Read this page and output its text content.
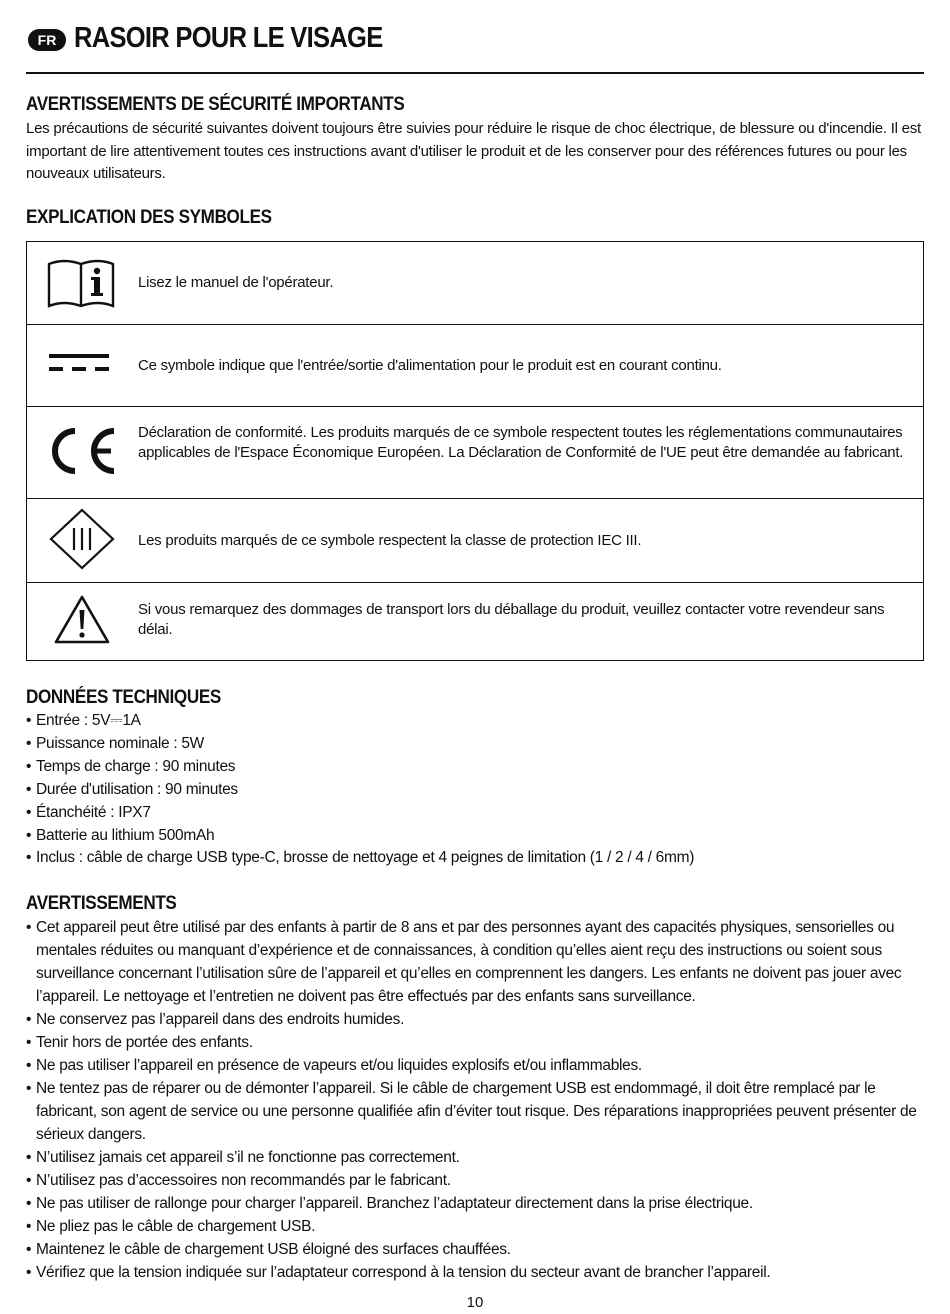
FR RASOIR POUR LE VISAGE
AVERTISSEMENTS DE SÉCURITÉ IMPORTANTS
Les précautions de sécurité suivantes doivent toujours être suivies pour réduire le risque de choc électrique, de blessure ou d'incendie. Il est important de lire attentivement toutes ces instructions avant d'utiliser le produit et de les conserver pour des références futures ou pour les nouveaux utilisateurs.
EXPLICATION DES SYMBOLES
Lisez le manuel de l'opérateur.
Ce symbole indique que l'entrée/sortie d'alimentation pour le produit est en courant continu.
Déclaration de conformité. Les produits marqués de ce symbole respectent toutes les réglementations communautaires applicables de l'Espace Économique Européen. La Déclaration de Conformité de l'UE peut être demandée au fabricant.
Les produits marqués de ce symbole respectent la classe de protection IEC III.
Si vous remarquez des dommages de transport lors du déballage du produit, veuillez contacter votre revendeur sans délai.
DONNÉES TECHNIQUES
• Entrée : 5V⎓1A
• Puissance nominale : 5W
• Temps de charge : 90 minutes
• Durée d'utilisation : 90 minutes
• Étanchéité : IPX7
• Batterie au lithium 500mAh
• Inclus : câble de charge USB type-C, brosse de nettoyage et 4 peignes de limitation (1 / 2 / 4 / 6mm)
AVERTISSEMENTS
• Cet appareil peut être utilisé par des enfants à partir de 8 ans et par des personnes ayant des capacités physiques, sensorielles ou mentales réduites ou manquant d’expérience et de connaissances, à condition qu’elles aient reçu des instructions ou soient sous surveillance concernant l’utilisation sûre de l’appareil et qu’elles en comprennent les dangers. Les enfants ne doivent pas jouer avec l’appareil. Le nettoyage et l’entretien ne doivent pas être effectués par des enfants sans surveillance.
• Ne conservez pas l’appareil dans des endroits humides.
• Tenir hors de portée des enfants.
• Ne pas utiliser l’appareil en présence de vapeurs et/ou liquides explosifs et/ou inflammables.
• Ne tentez pas de réparer ou de démonter l’appareil. Si le câble de chargement USB est endommagé, il doit être remplacé par le fabricant, son agent de service ou une personne qualifiée afin d’éviter tout risque. Des réparations inappropriées peuvent présenter de sérieux dangers.
• N’utilisez jamais cet appareil s’il ne fonctionne pas correctement.
• N’utilisez pas d’accessoires non recommandés par le fabricant.
• Ne pas utiliser de rallonge pour charger l’appareil. Branchez l’adaptateur directement dans la prise électrique.
• Ne pliez pas le câble de chargement USB.
• Maintenez le câble de chargement USB éloigné des surfaces chauffées.
• Vérifiez que la tension indiquée sur l’adaptateur correspond à la tension du secteur avant de brancher l’appareil.
10
